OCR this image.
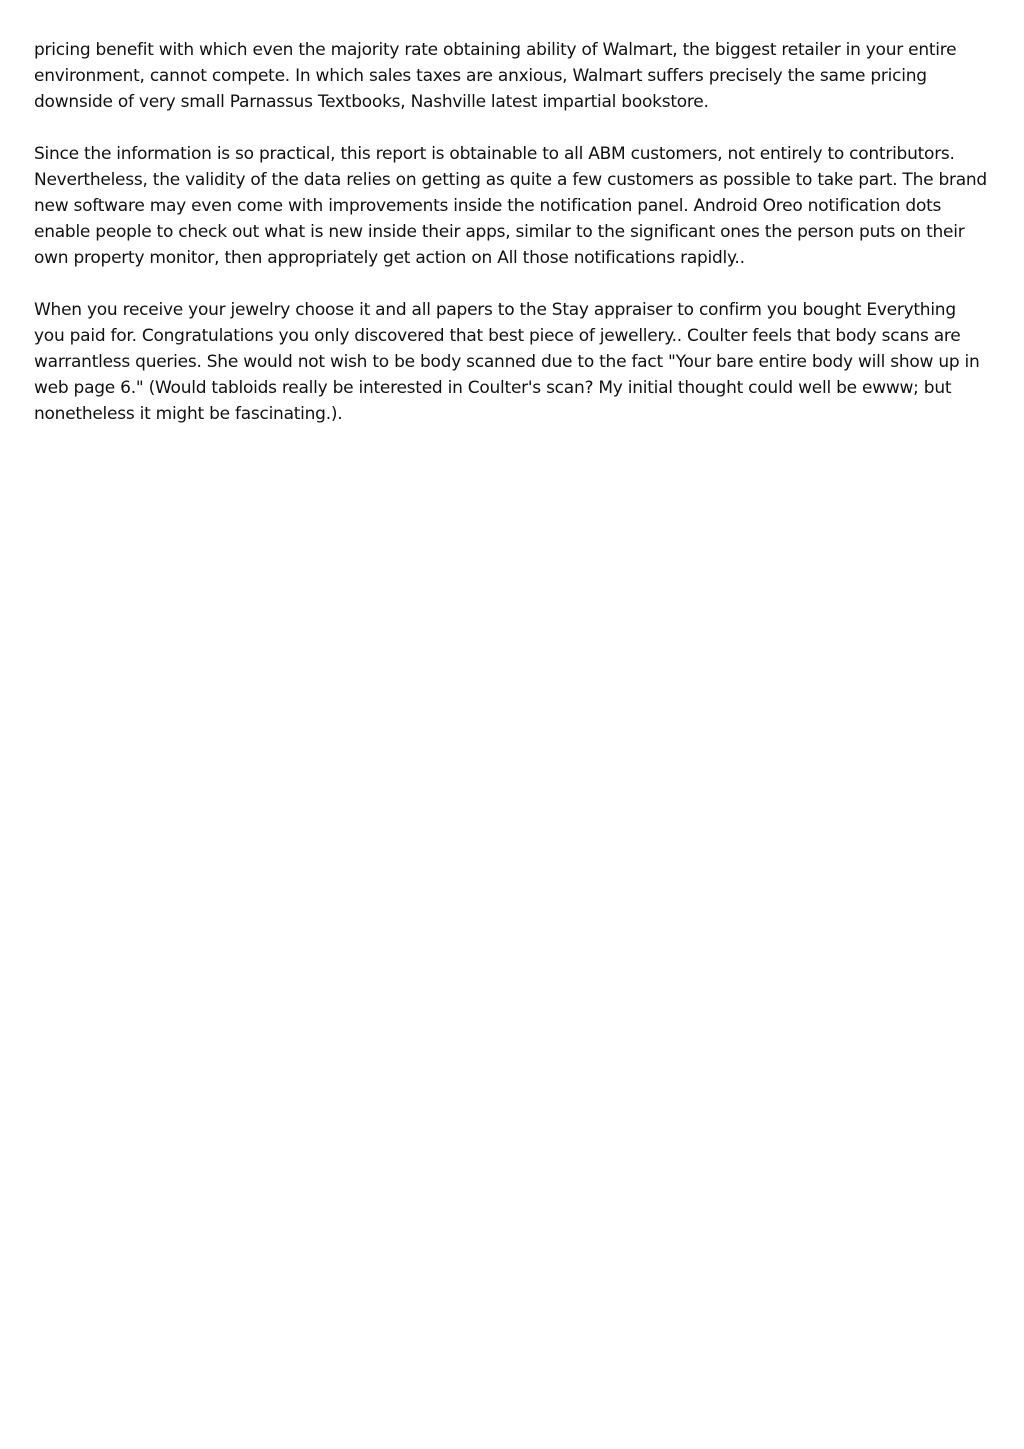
pricing benefit with which even the majority rate obtaining ability of Walmart, the biggest retailer in your entire
environment, cannot compete. In which sales taxes are anxious, Walmart suffers precisely the same pricing
downside of very small Parnassus Textbooks, Nashville latest impartial bookstore.

Since the information is so practical, this report is obtainable to all ABM customers, not entirely to contributors.
Nevertheless, the validity of the data relies on getting as quite a few customers as possible to take part. The brand
new software may even come with improvements inside the notification panel. Android Oreo notification dots
enable people to check out what is new inside their apps, similar to the significant ones the person puts on their
own property monitor, then appropriately get action on All those notifications rapidly..

When you receive your jewelry choose it and all papers to the Stay appraiser to confirm you bought Everything
you paid for. Congratulations you only discovered that best piece of jewellery.. Coulter feels that body scans are
warrantless queries. She would not wish to be body scanned due to the fact "Your bare entire body will show up in
web page 6." (Would tabloids really be interested in Coulter's scan? My initial thought could well be ewww; but
nonetheless it might be fascinating.).
